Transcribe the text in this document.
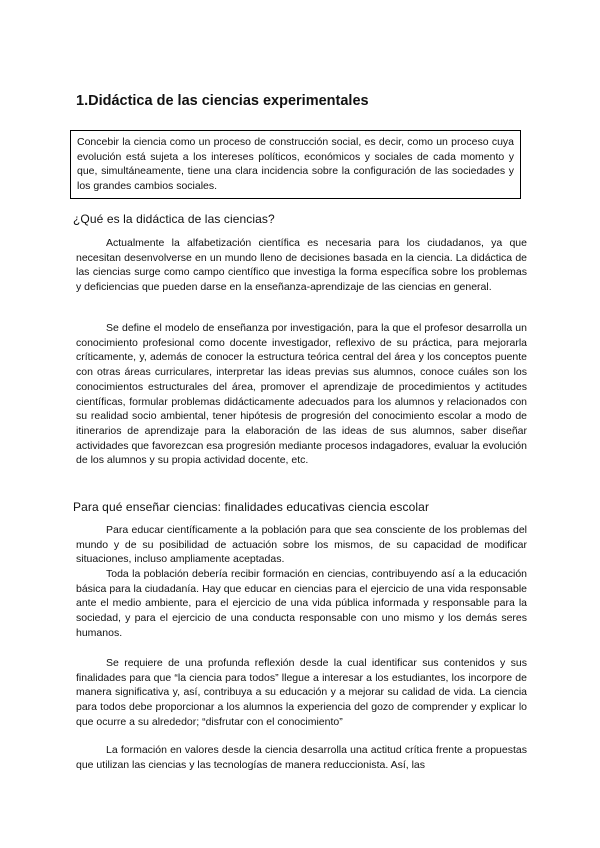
1.Didáctica de las ciencias experimentales

Concebir la ciencia como un proceso de construcción social, es decir, como un proceso cuya evolución está sujeta a los intereses políticos, económicos y sociales de cada momento y que, simultáneamente, tiene una clara incidencia sobre la configuración de las sociedades y los grandes cambios sociales.

¿Qué es la didáctica de las ciencias?

Actualmente la alfabetización científica es necesaria para los ciudadanos, ya que necesitan desenvolverse en un mundo lleno de decisiones basada en la ciencia. La didáctica de las ciencias surge como campo científico que investiga la forma específica sobre los problemas y deficiencias que pueden darse en la enseñanza-aprendizaje de las ciencias en general.

Se define el modelo de enseñanza por investigación, para la que el profesor desarrolla un conocimiento profesional como docente investigador, reflexivo de su práctica, para mejorarla críticamente, y, además de conocer la estructura teórica central del área y los conceptos puente con otras áreas curriculares, interpretar las ideas previas sus alumnos, conoce cuáles son los conocimientos estructurales del área, promover el aprendizaje de procedimientos y actitudes científicas, formular problemas didácticamente adecuados para los alumnos y relacionados con su realidad socio ambiental, tener hipótesis de progresión del conocimiento escolar a modo de itinerarios de aprendizaje para la elaboración de las ideas de sus alumnos, saber diseñar actividades que favorezcan esa progresión mediante procesos indagadores, evaluar la evolución de los alumnos y su propia actividad docente, etc.

Para qué enseñar ciencias: finalidades educativas ciencia escolar

Para educar científicamente a la población para que sea consciente de los problemas del mundo y de su posibilidad de actuación sobre los mismos, de su capacidad de modificar situaciones, incluso ampliamente aceptadas.

Toda la población debería recibir formación en ciencias, contribuyendo así a la educación básica para la ciudadanía. Hay que educar en ciencias para el ejercicio de una vida responsable ante el medio ambiente, para el ejercicio de una vida pública informada y responsable para la sociedad, y para el ejercicio de una conducta responsable con uno mismo y los demás seres humanos.

Se requiere de una profunda reflexión desde la cual identificar sus contenidos y sus finalidades para que “la ciencia para todos” llegue a interesar a los estudiantes, los incorpore de manera significativa y, así, contribuya a su educación y a mejorar su calidad de vida. La ciencia para todos debe proporcionar a los alumnos la experiencia del gozo de comprender y explicar lo que ocurre a su alrededor; “disfrutar con el conocimiento”

La formación en valores desde la ciencia desarrolla una actitud crítica frente a propuestas que utilizan las ciencias y las tecnologías de manera reduccionista. Así, las
